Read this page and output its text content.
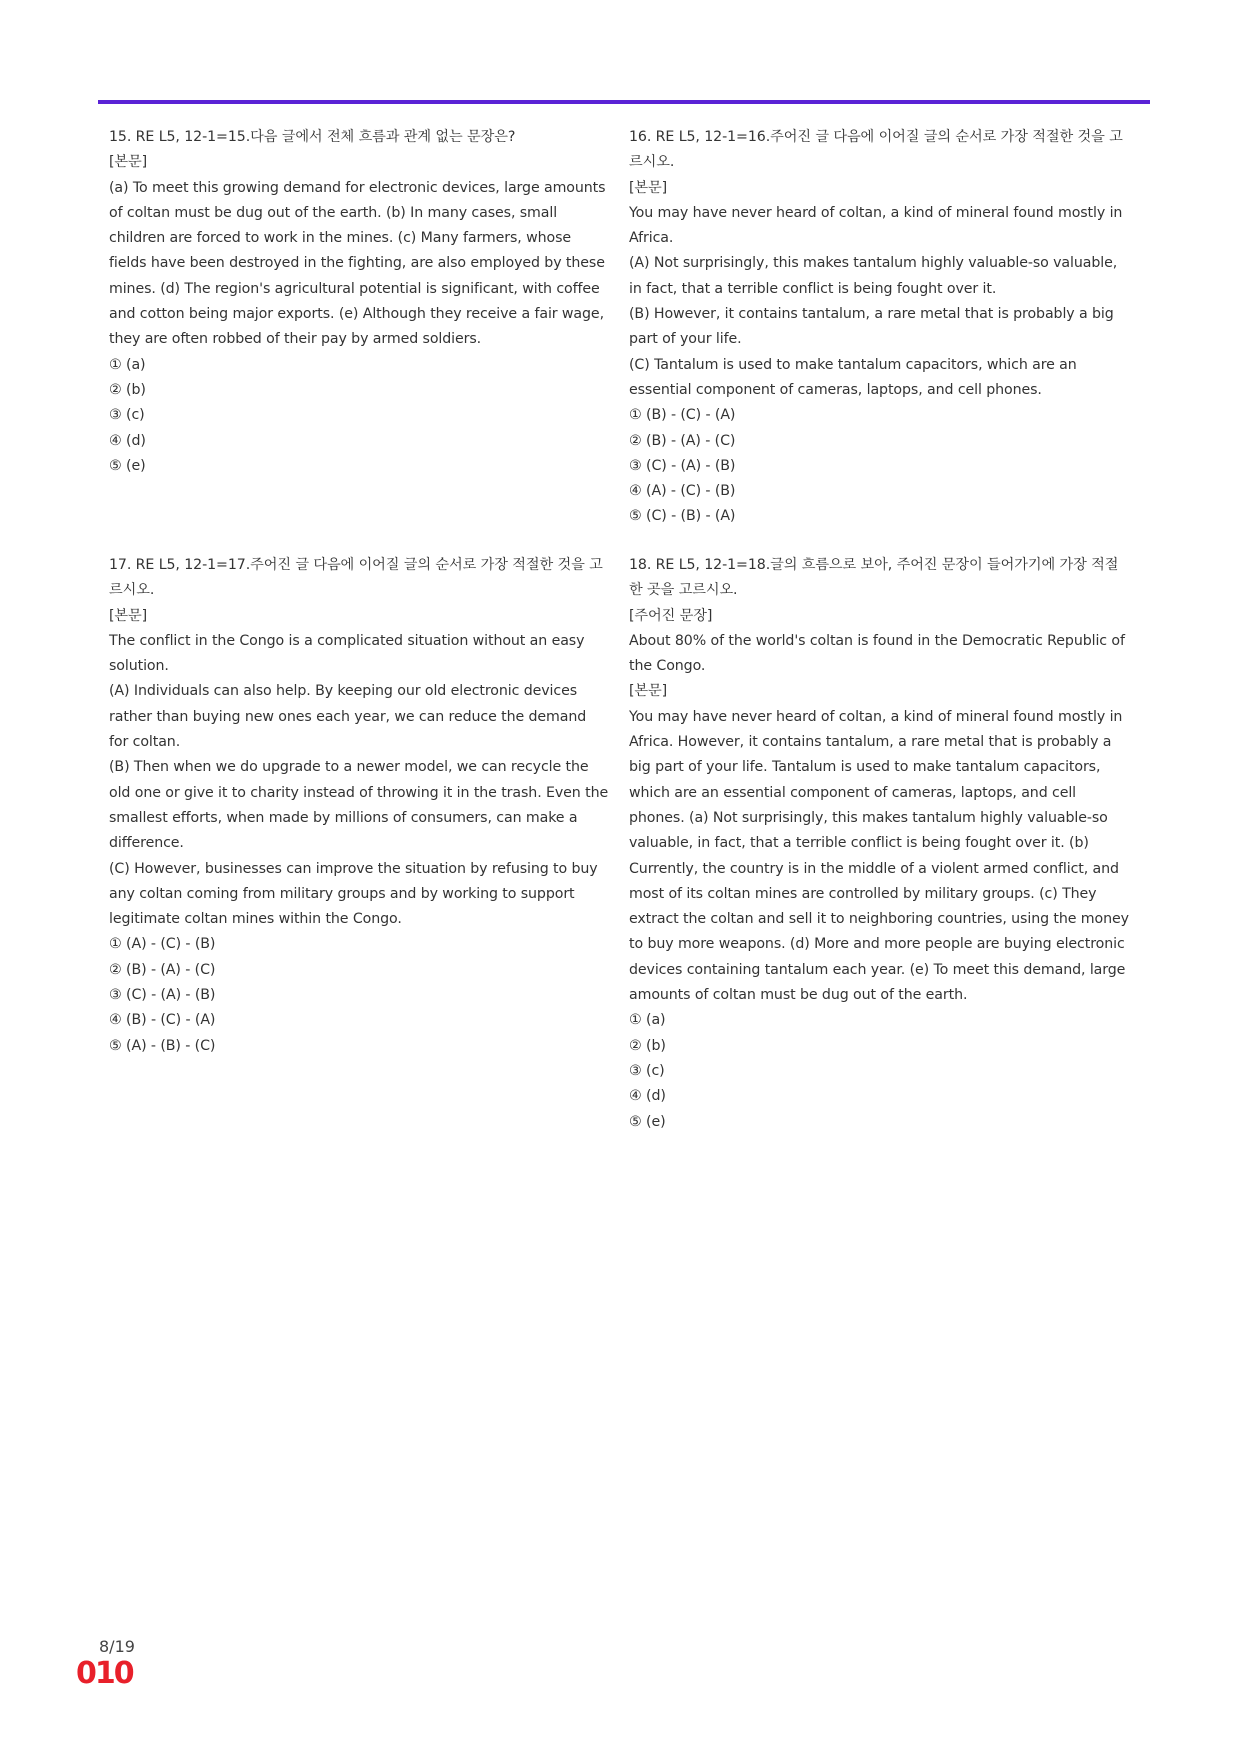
15. RE L5, 12-1=15.다음 글에서 전체 흐름과 관계 없는 문장은?

[본문]

(a) To meet this growing demand for electronic devices, large amounts of coltan must be dug out of the earth. (b) In many cases, small children are forced to work in the mines. (c) Many farmers, whose fields have been destroyed in the fighting, are also employed by these mines. (d) The region's agricultural potential is significant, with coffee and cotton being major exports. (e) Although they receive a fair wage, they are often robbed of their pay by armed soldiers.

① (a)
② (b)
③ (c)
④ (d)
⑤ (e)

16. RE L5, 12-1=16.주어진 글 다음에 이어질 글의 순서로 가장 적절한 것을 고르시오.

[본문]

You may have never heard of coltan, a kind of mineral found mostly in Africa.

(A) Not surprisingly, this makes tantalum highly valuable-so valuable, in fact, that a terrible conflict is being fought over it.

(B) However, it contains tantalum, a rare metal that is probably a big part of your life.

(C) Tantalum is used to make tantalum capacitors, which are an essential component of cameras, laptops, and cell phones.

① (B) - (C) - (A)
② (B) - (A) - (C)
③ (C) - (A) - (B)
④ (A) - (C) - (B)
⑤ (C) - (B) - (A)

17. RE L5, 12-1=17.주어진 글 다음에 이어질 글의 순서로 가장 적절한 것을 고르시오.

[본문]

The conflict in the Congo is a complicated situation without an easy solution.

(A) Individuals can also help. By keeping our old electronic devices rather than buying new ones each year, we can reduce the demand for coltan.

(B) Then when we do upgrade to a newer model, we can recycle the old one or give it to charity instead of throwing it in the trash. Even the smallest efforts, when made by millions of consumers, can make a difference.

(C) However, businesses can improve the situation by refusing to buy any coltan coming from military groups and by working to support legitimate coltan mines within the Congo.

① (A) - (C) - (B)
② (B) - (A) - (C)
③ (C) - (A) - (B)
④ (B) - (C) - (A)
⑤ (A) - (B) - (C)

18. RE L5, 12-1=18.글의 흐름으로 보아, 주어진 문장이 들어가기에 가장 적절한 곳을 고르시오.

[주어진 문장]

About 80% of the world's coltan is found in the Democratic Republic of the Congo.

[본문]

You may have never heard of coltan, a kind of mineral found mostly in Africa. However, it contains tantalum, a rare metal that is probably a big part of your life. Tantalum is used to make tantalum capacitors, which are an essential component of cameras, laptops, and cell phones. (a) Not surprisingly, this makes tantalum highly valuable-so valuable, in fact, that a terrible conflict is being fought over it. (b) Currently, the country is in the middle of a violent armed conflict, and most of its coltan mines are controlled by military groups. (c) They extract the coltan and sell it to neighboring countries, using the money to buy more weapons. (d) More and more people are buying electronic devices containing tantalum each year. (e) To meet this demand, large amounts of coltan must be dug out of the earth.

① (a)
② (b)
③ (c)
④ (d)
⑤ (e)
8/19
010
